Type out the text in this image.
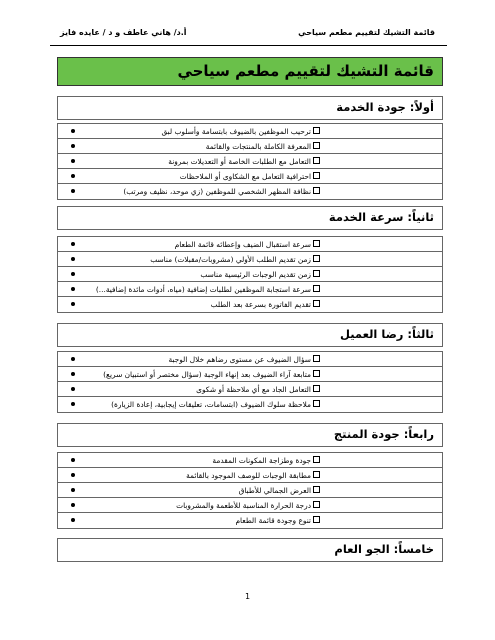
قائمة التشيك لتقييم مطعم سياحي
أ.د/ هاني عاطف و د / عايده فايز
قائمة التشيك لتقييم مطعم سياحي
أولاً: جودة الخدمة
ترحيب الموظفين بالضيوف بابتسامة وأسلوب لبق
المعرفة الكاملة بالمنتجات والقائمة
التعامل مع الطلبات الخاصة أو التعديلات بمرونة
احترافية التعامل مع الشكاوى أو الملاحظات
نظافة المظهر الشخصي للموظفين (زي موحد، نظيف ومرتب)
ثانياً: سرعة الخدمة
سرعة استقبال الضيف وإعطائه قائمة الطعام
زمن تقديم الطلب الأولي (مشروبات/مقبلات) مناسب
زمن تقديم الوجبات الرئيسية مناسب
سرعة استجابة الموظفين لطلبات إضافية (مياه، أدوات مائدة إضافية...)
تقديم الفاتورة بسرعة بعد الطلب
ثالثاً: رضا العميل
سؤال الضيوف عن مستوى رضاهم خلال الوجبة
متابعة آراء الضيوف بعد إنهاء الوجبة (سؤال مختصر أو استبيان سريع)
التعامل الجاد مع أي ملاحظة أو شكوى
ملاحظة سلوك الضيوف (ابتسامات، تعليقات إيجابية، إعادة الزيارة)
رابعاً: جودة المنتج
جودة وطزاجة المكونات المقدمة
مطابقة الوجبات للوصف الموجود بالقائمة
العرض الجمالي للأطباق
درجة الحرارة المناسبة للأطعمة والمشروبات
تنوع وجودة قائمة الطعام
خامساً: الجو العام
1
